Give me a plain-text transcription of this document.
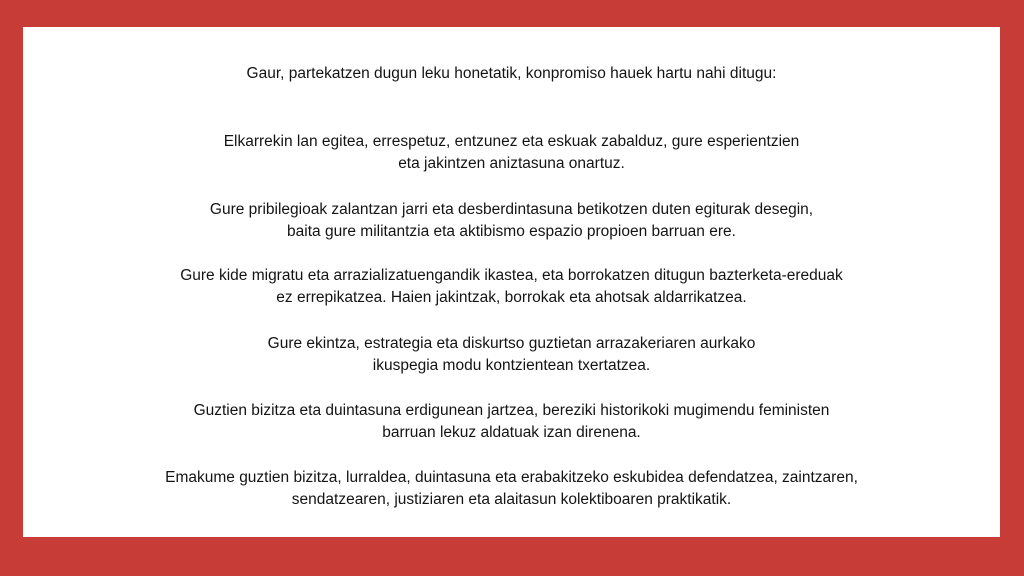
Gaur, partekatzen dugun leku honetatik, konpromiso hauek hartu nahi ditugu:

Elkarrekin lan egitea, errespetuz, entzunez eta eskuak zabalduz, gure esperientzien
eta jakintzen aniztasuna onartuz.

Gure pribilegioak zalantzan jarri eta desberdintasuna betikotzen duten egiturak desegin,
baita gure militantzia eta aktibismo espazio propioen barruan ere.

Gure kide migratu eta arrazializatuengandik ikastea, eta borrokatzen ditugun bazterketa-ereduak
ez errepikatzea. Haien jakintzak, borrokak eta ahotsak aldarrikatzea.

Gure ekintza, estrategia eta diskurtso guztietan arrazakeriaren aurkako
ikuspegia modu kontzientean txertatzea.

Guztien bizitza eta duintasuna erdigunean jartzea, bereziki historikoki mugimendu feministen
barruan lekuz aldatuak izan direnena.

Emakume guztien bizitza, lurraldea, duintasuna eta erabakitzeko eskubidea defendatzea, zaintzaren,
sendatzearen, justiziaren eta alaitasun kolektiboaren praktikatik.
